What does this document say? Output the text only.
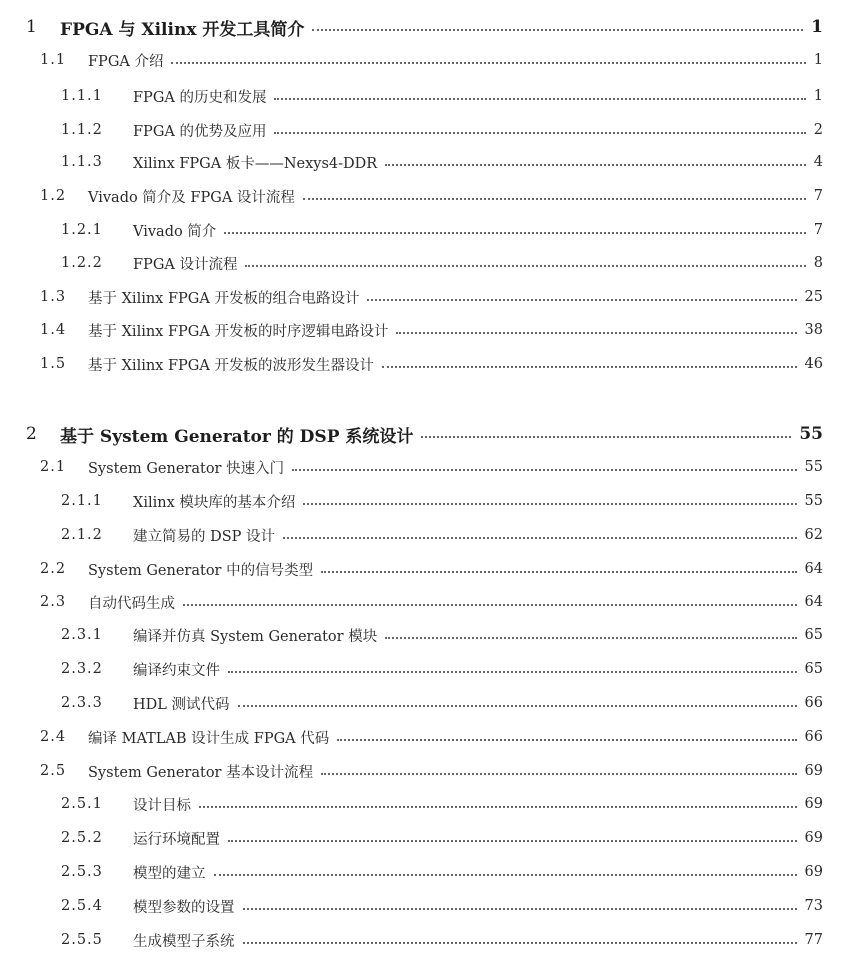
1	FPGA 与 Xilinx 开发工具简介	1
1.1	FPGA 介绍	1
1.1.1	FPGA 的历史和发展	1
1.1.2	FPGA 的优势及应用	2
1.1.3	Xilinx FPGA 板卡——Nexys4-DDR	4
1.2	Vivado 简介及 FPGA 设计流程	7
1.2.1	Vivado 简介	7
1.2.2	FPGA 设计流程	8
1.3	基于 Xilinx FPGA 开发板的组合电路设计	25
1.4	基于 Xilinx FPGA 开发板的时序逻辑电路设计	38
1.5	基于 Xilinx FPGA 开发板的波形发生器设计	46
2	基于 System Generator 的 DSP 系统设计	55
2.1	System Generator 快速入门	55
2.1.1	Xilinx 模块库的基本介绍	55
2.1.2	建立简易的 DSP 设计	62
2.2	System Generator 中的信号类型	64
2.3	自动代码生成	64
2.3.1	编译并仿真 System Generator 模块	65
2.3.2	编译约束文件	65
2.3.3	HDL 测试代码	66
2.4	编译 MATLAB 设计生成 FPGA 代码	66
2.5	System Generator 基本设计流程	69
2.5.1	设计目标	69
2.5.2	运行环境配置	69
2.5.3	模型的建立	69
2.5.4	模型参数的设置	73
2.5.5	生成模型子系统	77
